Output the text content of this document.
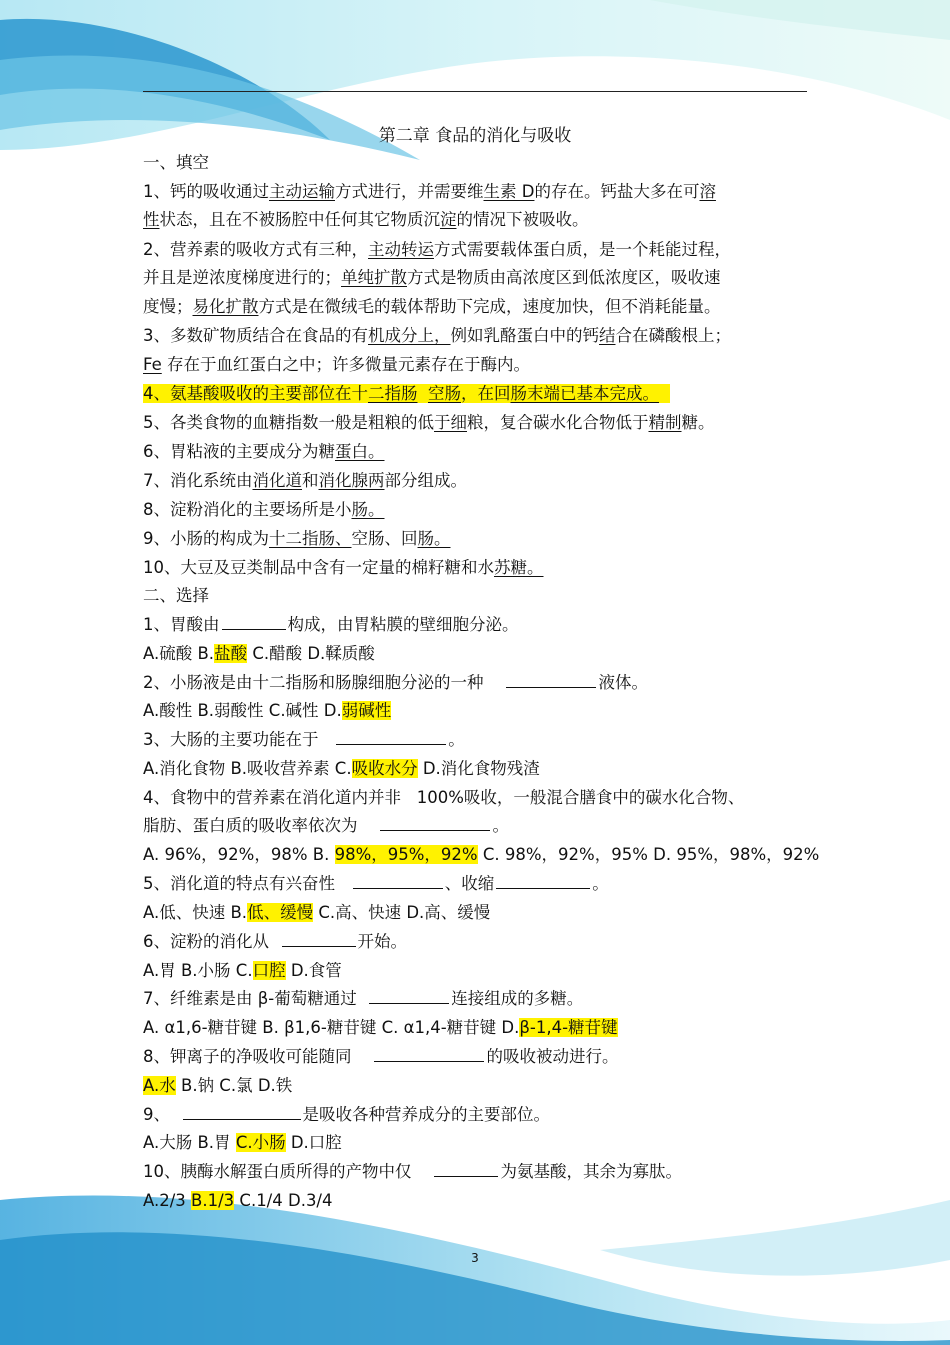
第二章 食品的消化与吸收
一、填空
1、钙的吸收通过主动运输方式进行，并需要维生素 D的存在。钙盐大多在可溶
性状态，且在不被肠腔中任何其它物质沉淀的情况下被吸收。
2、营养素的吸收方式有三种，主动转运方式需要载体蛋白质，是一个耗能过程，
并且是逆浓度梯度进行的；单纯扩散方式是物质由高浓度区到低浓度区，吸收速
度慢；易化扩散方式是在微绒毛的载体帮助下完成，速度加快，但不消耗能量。
3、多数矿物质结合在食品的有机成分上，例如乳酪蛋白中的钙结合在磷酸根上；
Fe 存在于血红蛋白之中；许多微量元素存在于酶内。
4、氨基酸吸收的主要部位在十二指肠 空肠，在回肠末端已基本完成。
5、各类食物的血糖指数一般是粗粮的低于细粮，复合碳水化合物低于精制糖。
6、胃粘液的主要成分为糖蛋白。
7、消化系统由消化道和消化腺两部分组成。
8、淀粉消化的主要场所是小肠。
9、小肠的构成为十二指肠、空肠、回肠。
10、大豆及豆类制品中含有一定量的棉籽糖和水苏糖。
二、选择
1、胃酸由	构成，由胃粘膜的壁细胞分泌。
A.硫酸 B.盐酸 C.醋酸 D.鞣质酸
2、小肠液是由十二指肠和肠腺细胞分泌的一种	液体。
A.酸性 B.弱酸性 C.碱性 D.弱碱性
3、大肠的主要功能在于	。
A.消化食物 B.吸收营养素 C.吸收水分 D.消化食物残渣
4、食物中的营养素在消化道内并非 100%吸收，一般混合膳食中的碳水化合物、
脂肪、蛋白质的吸收率依次为	。
A. 96%，92%，98% B. 98%，95%，92% C. 98%，92%，95% D. 95%，98%，92%
5、消化道的特点有兴奋性	、收缩	。
A.低、快速 B.低、缓慢 C.高、快速 D.高、缓慢
6、淀粉的消化从	开始。
A.胃 B.小肠 C.口腔 D.食管
7、纤维素是由 β-葡萄糖通过	连接组成的多糖。
A. α1,6-糖苷键 B. β1,6-糖苷键 C. α1,4-糖苷键 D.β-1,4-糖苷键
8、钾离子的净吸收可能随同	的吸收被动进行。
A.水 B.钠 C.氯 D.铁
9、	是吸收各种营养成分的主要部位。
A.大肠 B.胃 C.小肠 D.口腔
10、胰酶水解蛋白质所得的产物中仅	为氨基酸，其余为寡肽。
A.2/3 B.1/3 C.1/4 D.3/4
3
